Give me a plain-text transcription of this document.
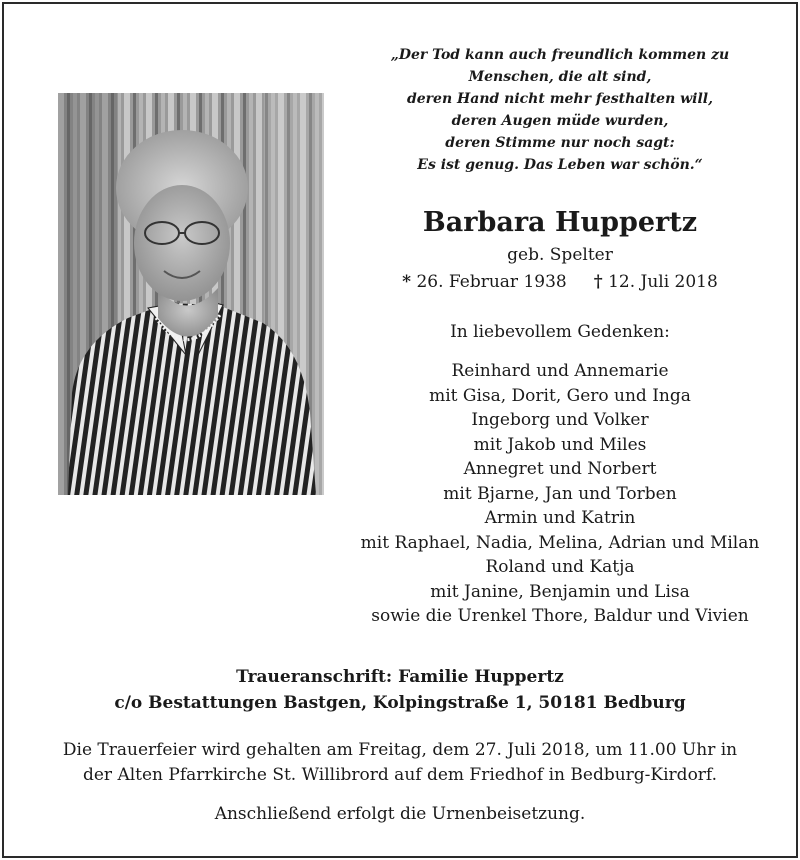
„Der Tod kann auch freundlich kommen zu
Menschen, die alt sind,
deren Hand nicht mehr festhalten will,
deren Augen müde wurden,
deren Stimme nur noch sagt:
Es ist genug. Das Leben war schön.“
Barbara Huppertz
geb. Spelter
* 26. Februar 1938 † 12. Juli 2018
In liebevollem Gedenken:
Reinhard und Annemarie
mit Gisa, Dorit, Gero und Inga
Ingeborg und Volker
mit Jakob und Miles
Annegret und Norbert
mit Bjarne, Jan und Torben
Armin und Katrin
mit Raphael, Nadia, Melina, Adrian und Milan
Roland und Katja
mit Janine, Benjamin und Lisa
sowie die Urenkel Thore, Baldur und Vivien
Traueranschrift: Familie Huppertz
c/o Bestattungen Bastgen, Kolpingstraße 1, 50181 Bedburg
Die Trauerfeier wird gehalten am Freitag, dem 27. Juli 2018, um 11.00 Uhr in
der Alten Pfarrkirche St. Willibrord auf dem Friedhof in Bedburg-Kirdorf.
Anschließend erfolgt die Urnenbeisetzung.
